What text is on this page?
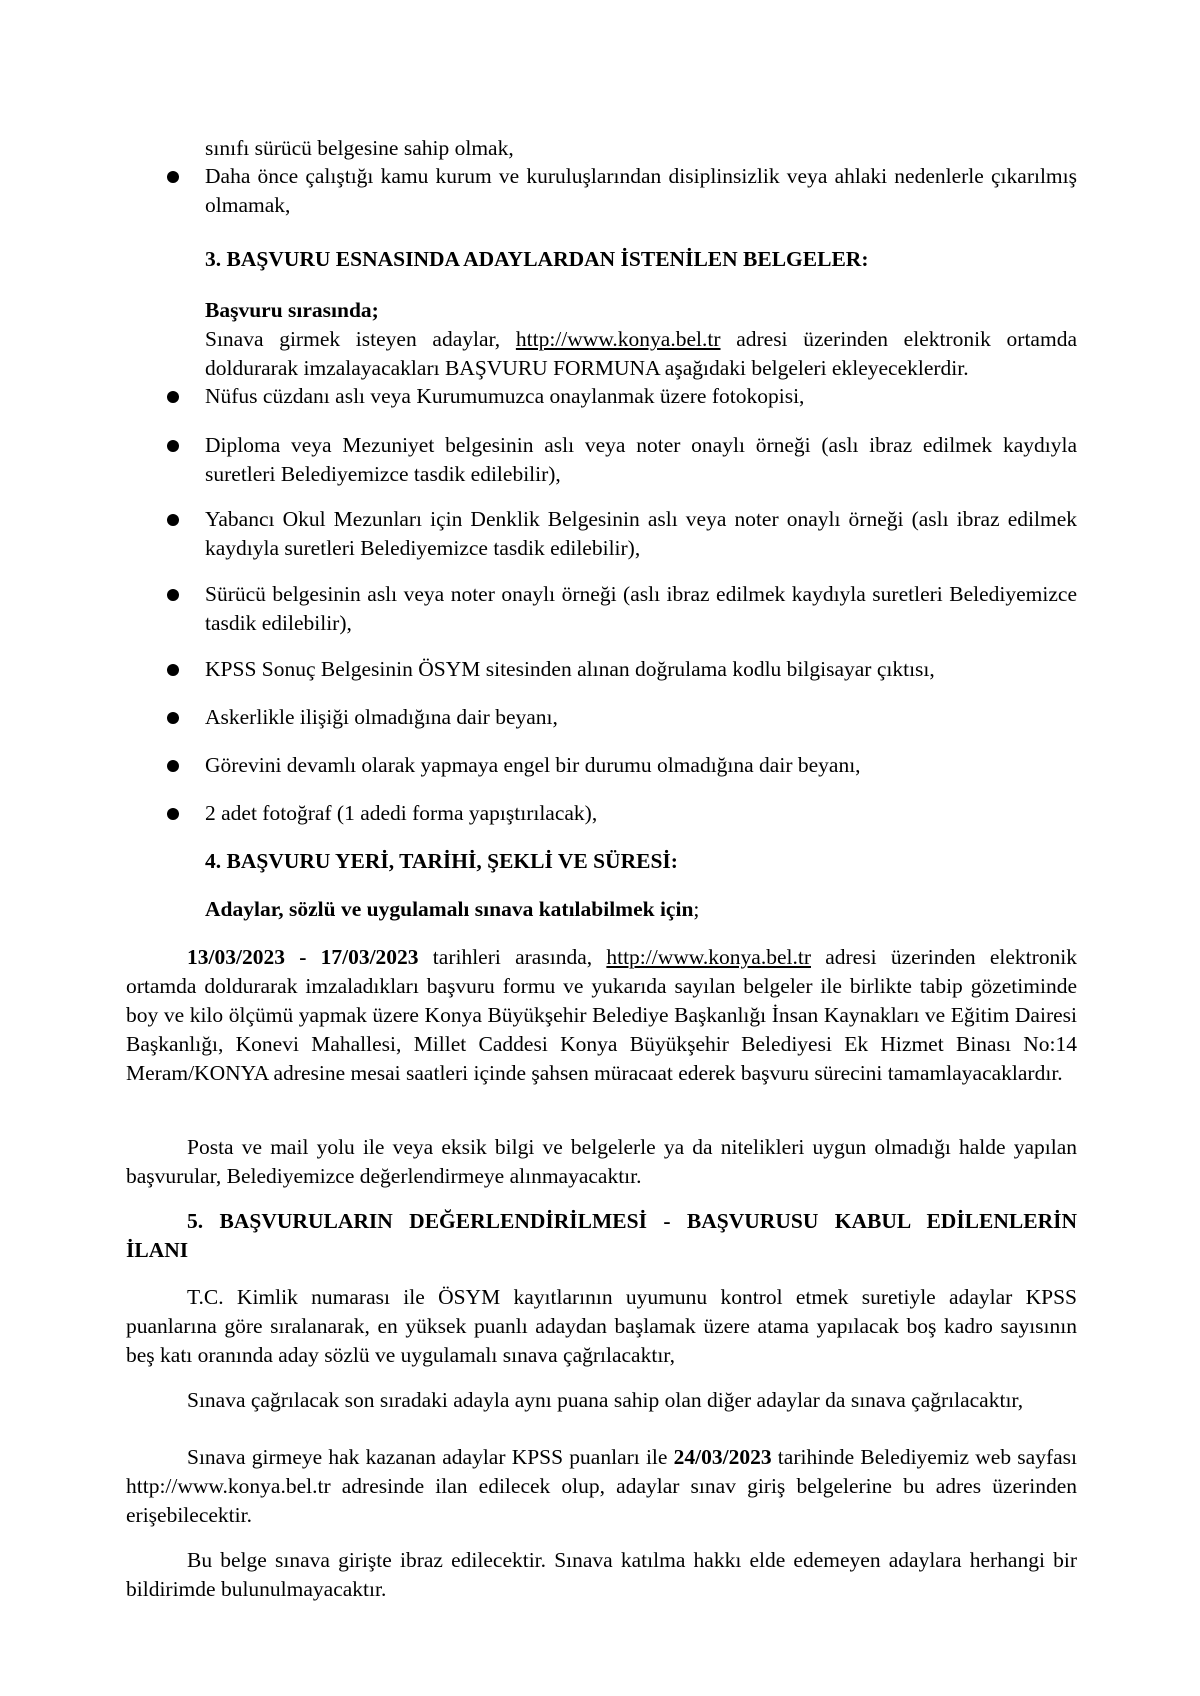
sınıfı sürücü belgesine sahip olmak,

Daha önce çalıştığı kamu kurum ve kuruluşlarından disiplinsizlik veya ahlaki nedenlerle çıkarılmış olmamak,

3. BAŞVURU ESNASINDA ADAYLARDAN İSTENİLEN BELGELER:

Başvuru sırasında;

Sınava girmek isteyen adaylar, http://www.konya.bel.tr adresi üzerinden elektronik ortamda doldurarak imzalayacakları BAŞVURU FORMUNA aşağıdaki belgeleri ekleyeceklerdir.

Nüfus cüzdanı aslı veya Kurumumuzca onaylanmak üzere fotokopisi,

Diploma veya Mezuniyet belgesinin aslı veya noter onaylı örneği (aslı ibraz edilmek kaydıyla suretleri Belediyemizce tasdik edilebilir),

Yabancı Okul Mezunları için Denklik Belgesinin aslı veya noter onaylı örneği (aslı ibraz edilmek kaydıyla suretleri Belediyemizce tasdik edilebilir),

Sürücü belgesinin aslı veya noter onaylı örneği (aslı ibraz edilmek kaydıyla suretleri Belediyemizce tasdik edilebilir),

KPSS Sonuç Belgesinin ÖSYM sitesinden alınan doğrulama kodlu bilgisayar çıktısı,

Askerlikle ilişiği olmadığına dair beyanı,

Görevini devamlı olarak yapmaya engel bir durumu olmadığına dair beyanı,

2 adet fotoğraf (1 adedi forma yapıştırılacak),

4. BAŞVURU YERİ, TARİHİ, ŞEKLİ VE SÜRESİ:

Adaylar, sözlü ve uygulamalı sınava katılabilmek için;

13/03/2023 - 17/03/2023 tarihleri arasında, http://www.konya.bel.tr adresi üzerinden elektronik ortamda doldurarak imzaladıkları başvuru formu ve yukarıda sayılan belgeler ile birlikte tabip gözetiminde boy ve kilo ölçümü yapmak üzere Konya Büyükşehir Belediye Başkanlığı İnsan Kaynakları ve Eğitim Dairesi Başkanlığı, Konevi Mahallesi, Millet Caddesi Konya Büyükşehir Belediyesi Ek Hizmet Binası No:14 Meram/KONYA adresine mesai saatleri içinde şahsen müracaat ederek başvuru sürecini tamamlayacaklardır.

Posta ve mail yolu ile veya eksik bilgi ve belgelerle ya da nitelikleri uygun olmadığı halde yapılan başvurular, Belediyemizce değerlendirmeye alınmayacaktır.

5. BAŞVURULARIN DEĞERLENDİRİLMESİ - BAŞVURUSU KABUL EDİLENLERİN İLANI

T.C. Kimlik numarası ile ÖSYM kayıtlarının uyumunu kontrol etmek suretiyle adaylar KPSS puanlarına göre sıralanarak, en yüksek puanlı adaydan başlamak üzere atama yapılacak boş kadro sayısının beş katı oranında aday sözlü ve uygulamalı sınava çağrılacaktır,

Sınava çağrılacak son sıradaki adayla aynı puana sahip olan diğer adaylar da sınava çağrılacaktır,

Sınava girmeye hak kazanan adaylar KPSS puanları ile 24/03/2023 tarihinde Belediyemiz web sayfası http://www.konya.bel.tr adresinde ilan edilecek olup, adaylar sınav giriş belgelerine bu adres üzerinden erişebilecektir.

Bu belge sınava girişte ibraz edilecektir. Sınava katılma hakkı elde edemeyen adaylara herhangi bir bildirimde bulunulmayacaktır.
